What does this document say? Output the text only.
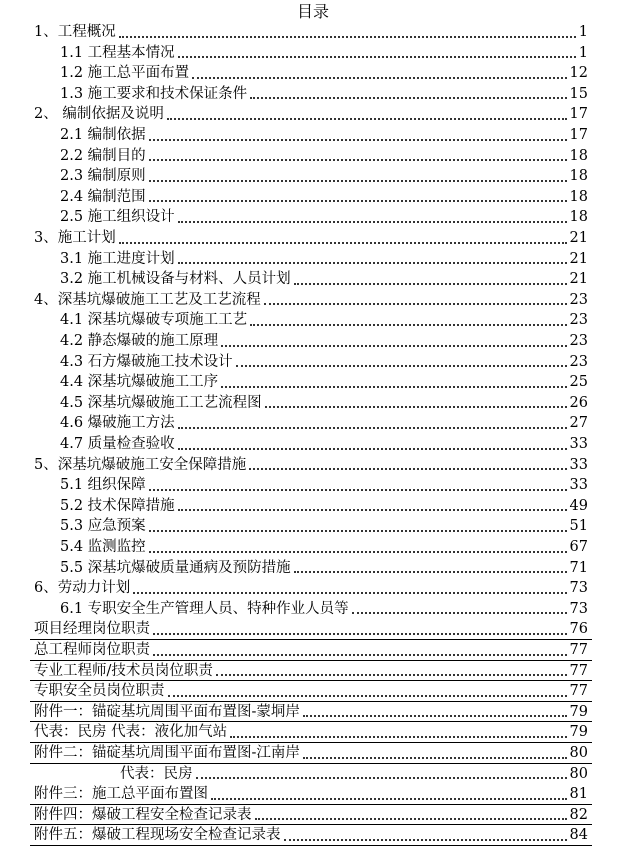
目录
1、工程概况	1
1.1 工程基本情况	1
1.2 施工总平面布置	12
1.3 施工要求和技术保证条件	15
2、 编制依据及说明	17
2.1 编制依据	17
2.2 编制目的	18
2.3 编制原则	18
2.4 编制范围	18
2.5 施工组织设计	18
3、施工计划	21
3.1 施工进度计划	21
3.2 施工机械设备与材料、人员计划	21
4、深基坑爆破施工工艺及工艺流程	23
4.1 深基坑爆破专项施工工艺	23
4.2 静态爆破的施工原理	23
4.3 石方爆破施工技术设计	23
4.4 深基坑爆破施工工序	25
4.5 深基坑爆破施工工艺流程图	26
4.6 爆破施工方法	27
4.7 质量检查验收	33
5、深基坑爆破施工安全保障措施	33
5.1 组织保障	33
5.2 技术保障措施	49
5.3 应急预案	51
5.4 监测监控	67
5.5 深基坑爆破质量通病及预防措施	71
6、劳动力计划	73
6.1 专职安全生产管理人员、特种作业人员等	73
项目经理岗位职责	76
总工程师岗位职责	77
专业工程师/技术员岗位职责	77
专职安全员岗位职责	77
附件一：锚碇基坑周围平面布置图-蒙垌岸	79
代表：民房 代表：液化加气站	79
附件二：锚碇基坑周围平面布置图-江南岸	80
代表：民房	80
附件三：施工总平面布置图	81
附件四：爆破工程安全检查记录表	82
附件五：爆破工程现场安全检查记录表	84
